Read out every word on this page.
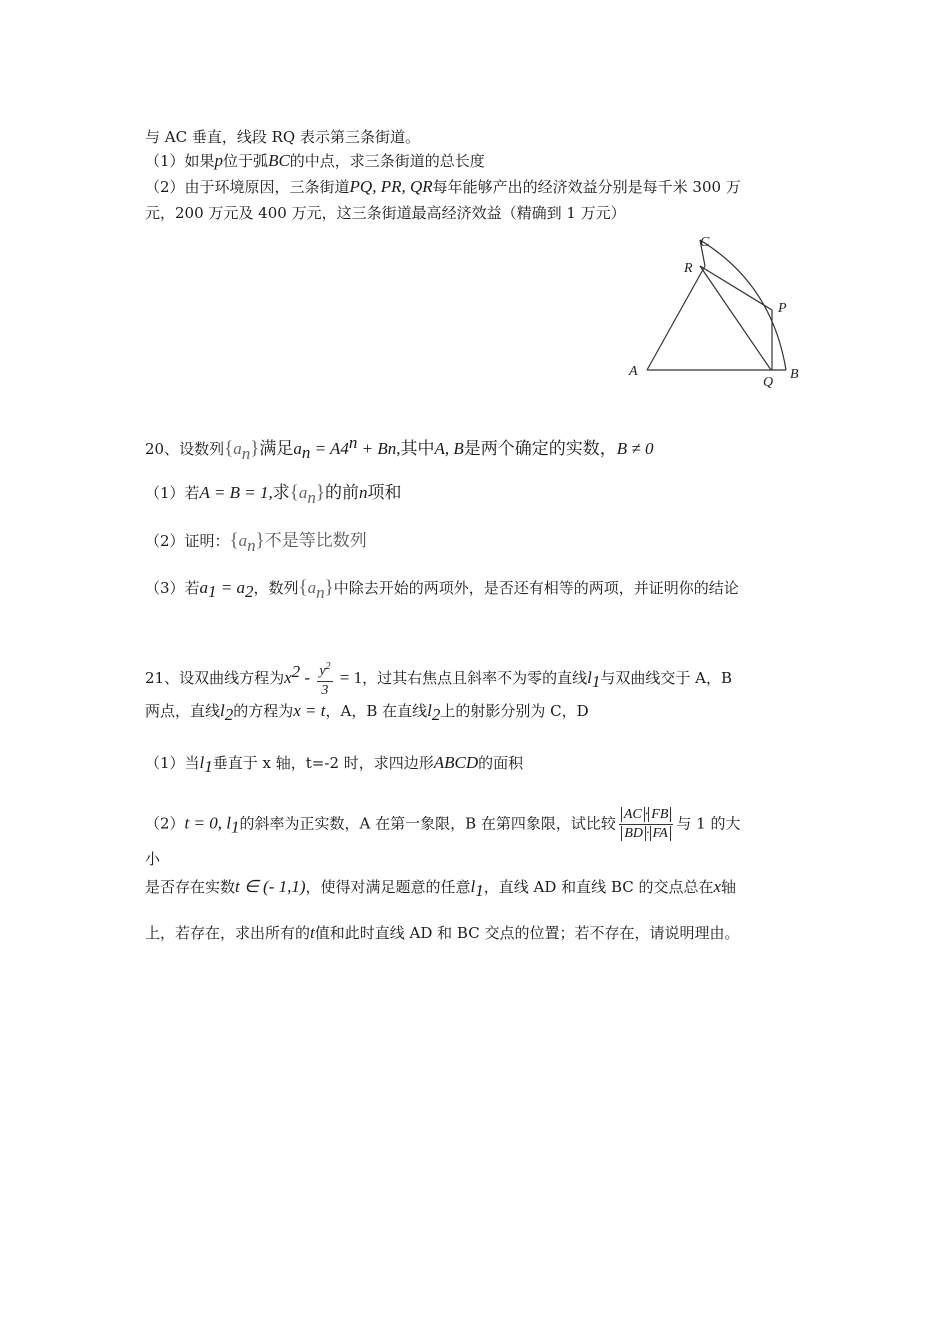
与 AC 垂直，线段 RQ 表示第三条街道。
（1）如果p位于弧BC的中点，求三条街道的总长度
（2）由于环境原因，三条街道PQ, PR, QR每年能够产出的经济效益分别是每千米 300 万
元，200 万元及 400 万元，这三条街道最高经济效益（精确到 1 万元）
C
R
P
A
Q
B
20、设数列$\{a_n\}$满足$a_n = A4^n + Bn$,其中A, B是两个确定的实数，B ≠ 0
（1）若A = B = 1,求$\{a_n\}$的前n项和
（2）证明：$\{a_n\}$不是等比数列
（3）若$a_1 = a_2$，数列$\{a_n\}$中除去开始的两项外，是否还有相等的两项，并证明你的结论
21、设双曲线方程为$x^2 - \frac{y^2}{3} = 1$，过其右焦点且斜率不为零的直线$l_1$与双曲线交于 A，B
两点，直线$l_2$的方程为x = t，A，B 在直线$l_2$上的射影分别为 C，D
（1）当$l_1$垂直于 x 轴，t=-2 时，求四边形ABCD的面积
（2）t = 0, $l_1$的斜率为正实数，A 在第一象限，B 在第四象限，试比较 $\frac{AC \cdot FB}{BD \cdot FA}$ 与 1 的大
小
是否存在实数t ∈ (- 1,1)，使得对满足题意的任意$l_1$，直线 AD 和直线 BC 的交点总在x轴
上，若存在，求出所有的t值和此时直线 AD 和 BC 交点的位置；若不存在，请说明理由。
